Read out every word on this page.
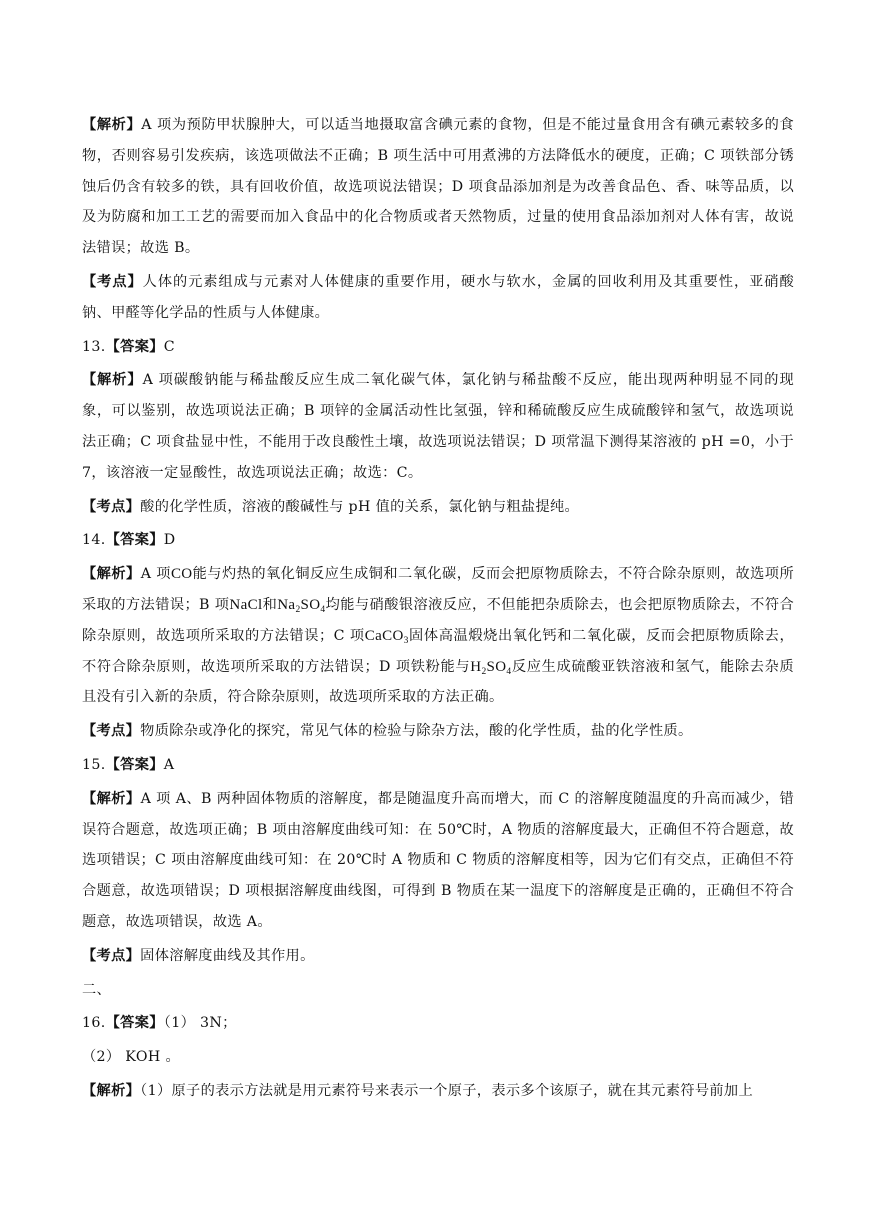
【解析】A 项为预防甲状腺肿大，可以适当地摄取富含碘元素的食物，但是不能过量食用含有碘元素较多的食物，否则容易引发疾病，该选项做法不正确；B 项生活中可用煮沸的方法降低水的硬度，正确；C 项铁部分锈蚀后仍含有较多的铁，具有回收价值，故选项说法错误；D 项食品添加剂是为改善食品色、香、味等品质，以及为防腐和加工工艺的需要而加入食品中的化合物质或者天然物质，过量的使用食品添加剂对人体有害，故说法错误；故选 B。

【考点】人体的元素组成与元素对人体健康的重要作用，硬水与软水，金属的回收利用及其重要性，亚硝酸钠、甲醛等化学品的性质与人体健康。

13.【答案】C

【解析】A 项碳酸钠能与稀盐酸反应生成二氧化碳气体，氯化钠与稀盐酸不反应，能出现两种明显不同的现象，可以鉴别，故选项说法正确；B 项锌的金属活动性比氢强，锌和稀硫酸反应生成硫酸锌和氢气，故选项说法正确；C 项食盐显中性，不能用于改良酸性土壤，故选项说法错误；D 项常温下测得某溶液的 pH =0，小于 7，该溶液一定显酸性，故选项说法正确；故选：C。

【考点】酸的化学性质，溶液的酸碱性与 pH 值的关系，氯化钠与粗盐提纯。

14.【答案】D

【解析】A 项CO能与灼热的氧化铜反应生成铜和二氧化碳，反而会把原物质除去，不符合除杂原则，故选项所采取的方法错误；B 项NaCl和$Na_2SO_4$均能与硝酸银溶液反应，不但能把杂质除去，也会把原物质除去，不符合除杂原则，故选项所采取的方法错误；C 项CaCO$_3$固体高温煅烧出氧化钙和二氧化碳，反而会把原物质除去，不符合除杂原则，故选项所采取的方法错误；D 项铁粉能与$H_2SO_4$反应生成硫酸亚铁溶液和氢气，能除去杂质且没有引入新的杂质，符合除杂原则，故选项所采取的方法正确。

【考点】物质除杂或净化的探究，常见气体的检验与除杂方法，酸的化学性质，盐的化学性质。

15.【答案】A

【解析】A 项 A、B 两种固体物质的溶解度，都是随温度升高而增大，而 C 的溶解度随温度的升高而减少，错误符合题意，故选项正确；B 项由溶解度曲线可知：在 50℃时，A 物质的溶解度最大，正确但不符合题意，故选项错误；C 项由溶解度曲线可知：在 20℃时 A 物质和 C 物质的溶解度相等，因为它们有交点，正确但不符合题意，故选项错误；D 项根据溶解度曲线图，可得到 B 物质在某一温度下的溶解度是正确的，正确但不符合题意，故选项错误，故选 A。

【考点】固体溶解度曲线及其作用。

二、

16.【答案】（1） 3N；

（2） KOH 。

【解析】（1）原子的表示方法就是用元素符号来表示一个原子，表示多个该原子，就在其元素符号前加上
